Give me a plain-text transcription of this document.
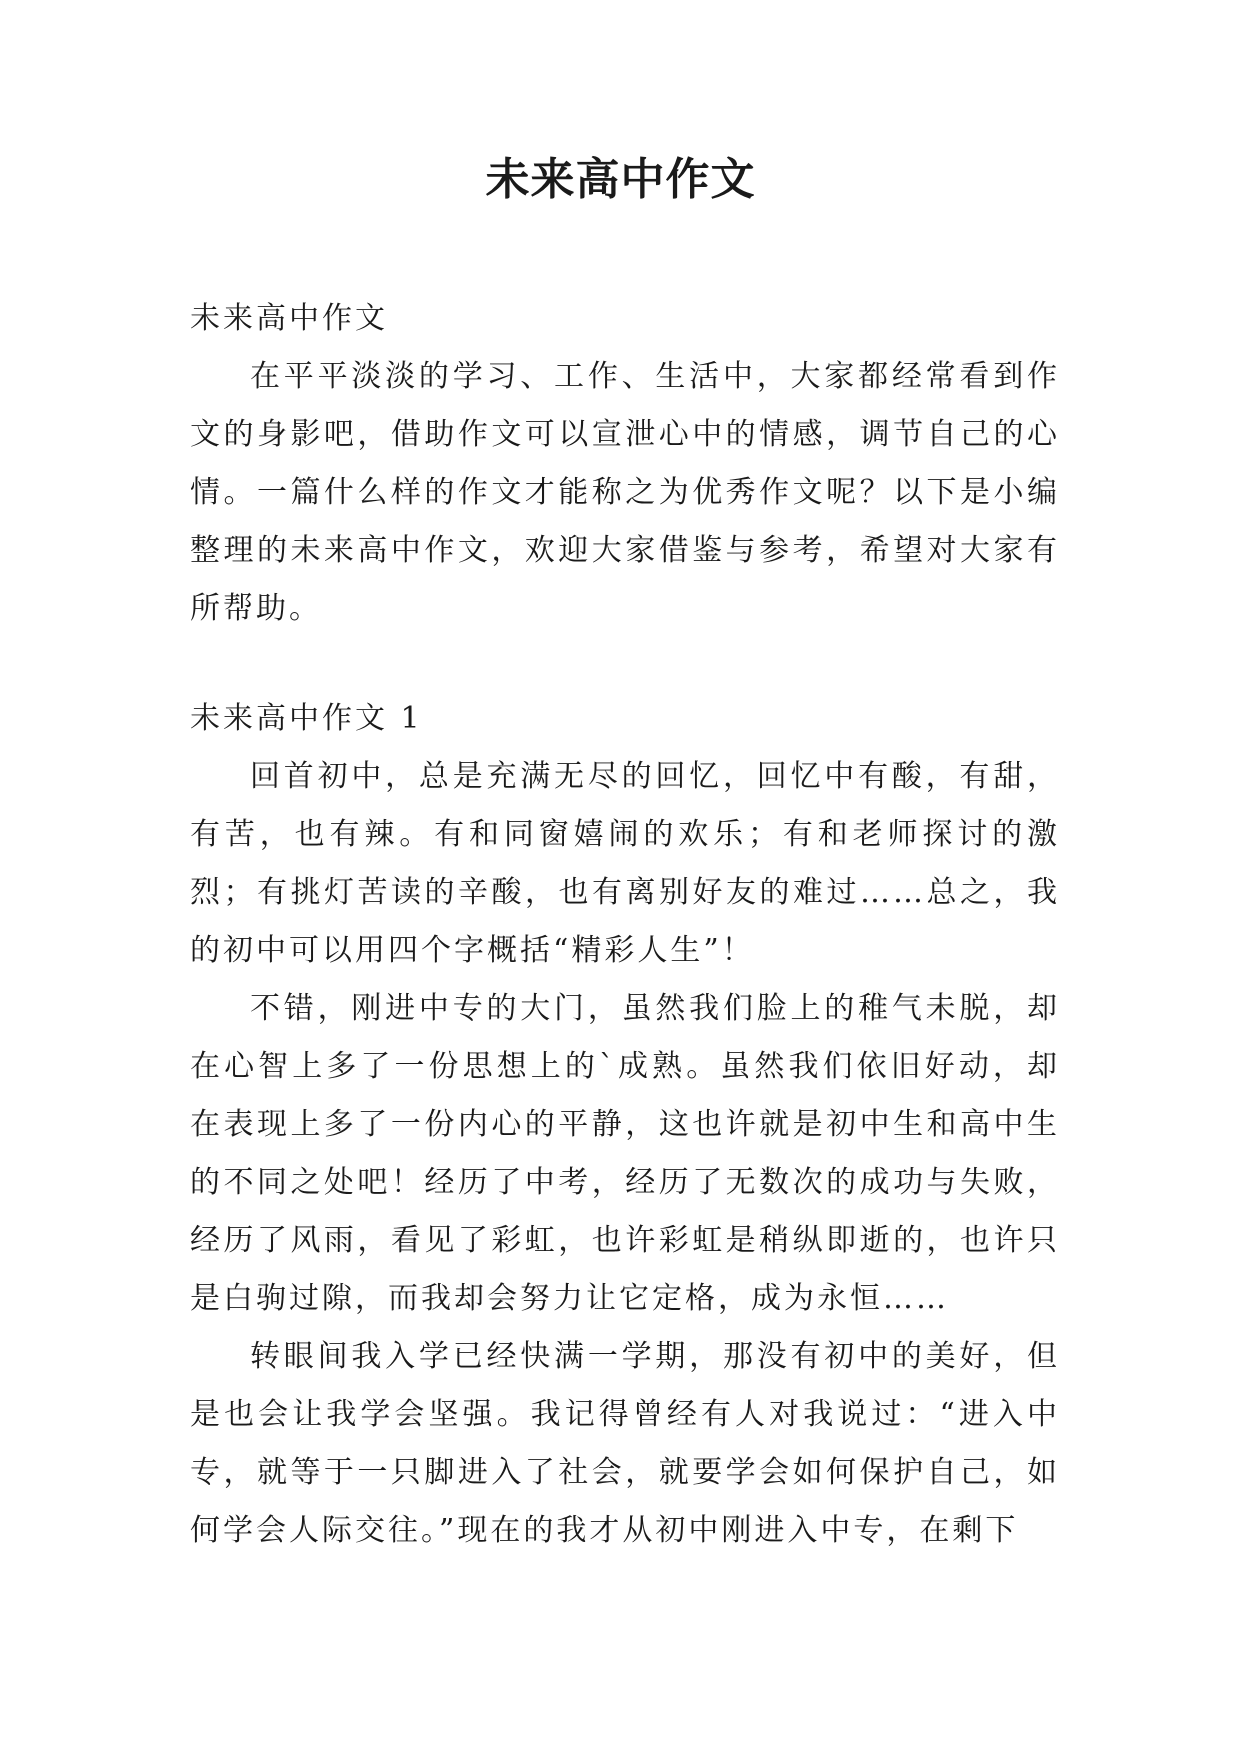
未来高中作文

未来高中作文

在平平淡淡的学习、工作、生活中，大家都经常看到作文的身影吧，借助作文可以宣泄心中的情感，调节自己的心情。一篇什么样的作文才能称之为优秀作文呢？以下是小编整理的未来高中作文，欢迎大家借鉴与参考，希望对大家有所帮助。

未来高中作文 1

回首初中，总是充满无尽的回忆，回忆中有酸，有甜，有苦，也有辣。有和同窗嬉闹的欢乐；有和老师探讨的激烈；有挑灯苦读的辛酸，也有离别好友的难过……总之，我的初中可以用四个字概括“精彩人生”！

不错，刚进中专的大门，虽然我们脸上的稚气未脱，却在心智上多了一份思想上的`成熟。虽然我们依旧好动，却在表现上多了一份内心的平静，这也许就是初中生和高中生的不同之处吧！经历了中考，经历了无数次的成功与失败，经历了风雨，看见了彩虹，也许彩虹是稍纵即逝的，也许只是白驹过隙，而我却会努力让它定格，成为永恒……

转眼间我入学已经快满一学期，那没有初中的美好，但是也会让我学会坚强。我记得曾经有人对我说过：“进入中专，就等于一只脚进入了社会，就要学会如何保护自己，如何学会人际交往。”现在的我才从初中刚进入中专，在剩下
